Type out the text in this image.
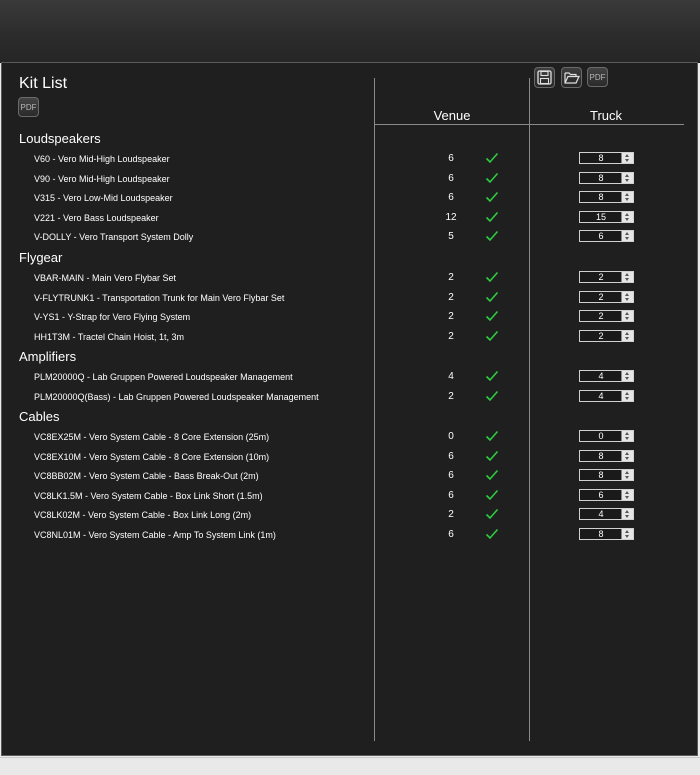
Kit List
PDF
PDF
Venue	Truck
Loudspeakers
V60 - Vero Mid-High Loudspeaker	6	8
V90 - Vero Mid-High Loudspeaker	6	8
V315 - Vero Low-Mid Loudspeaker	6	8
V221 - Vero Bass Loudspeaker	12	15
V-DOLLY - Vero Transport System Dolly	5	6
Flygear
VBAR-MAIN - Main Vero Flybar Set	2	2
V-FLYTRUNK1 - Transportation Trunk for Main Vero Flybar Set	2	2
V-YS1 - Y-Strap for Vero Flying System	2	2
HH1T3M - Tractel Chain Hoist, 1t, 3m	2	2
Amplifiers
PLM20000Q - Lab Gruppen Powered Loudspeaker Management	4	4
PLM20000Q(Bass) - Lab Gruppen Powered Loudspeaker Management	2	4
Cables
VC8EX25M - Vero System Cable - 8 Core Extension (25m)	0	0
VC8EX10M - Vero System Cable - 8 Core Extension (10m)	6	8
VC8BB02M - Vero System Cable - Bass Break-Out (2m)	6	8
VC8LK1.5M - Vero System Cable - Box Link Short (1.5m)	6	6
VC8LK02M - Vero System Cable - Box Link Long (2m)	2	4
VC8NL01M - Vero System Cable - Amp To System Link (1m)	6	8
